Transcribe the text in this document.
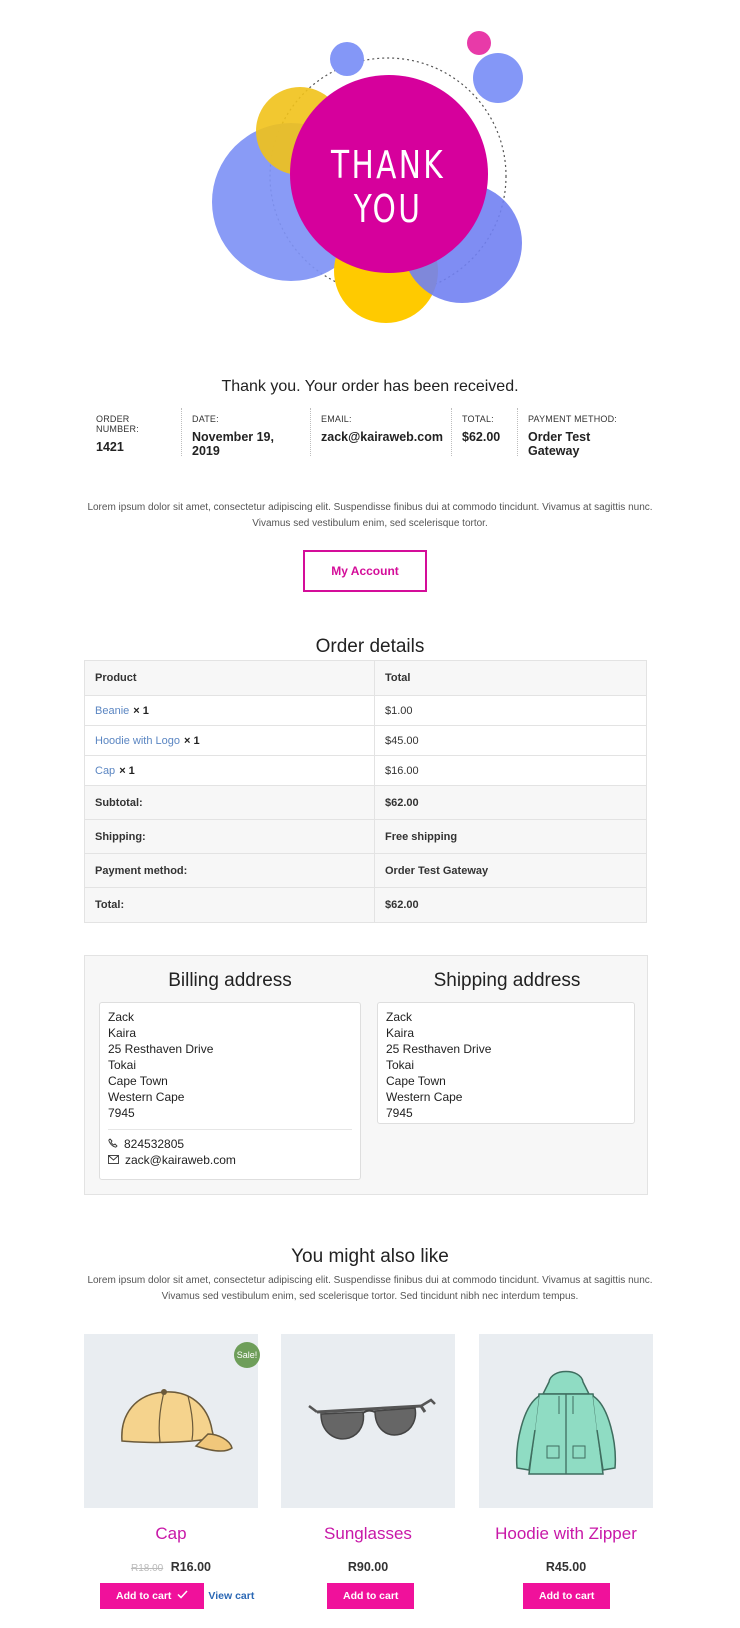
THANK YOU
Thank you. Your order has been received.
ORDER NUMBER:
1421
DATE:
November 19, 2019
EMAIL:
zack@kairaweb.com
TOTAL:
$62.00
PAYMENT METHOD:
Order Test Gateway
Lorem ipsum dolor sit amet, consectetur adipiscing elit. Suspendisse finibus dui at commodo tincidunt. Vivamus at sagittis nunc. Vivamus sed vestibulum enim, sed scelerisque tortor.
My Account
Order details
Product	Total
Beanie × 1	$1.00
Hoodie with Logo × 1	$45.00
Cap × 1	$16.00
Subtotal:	$62.00
Shipping:	Free shipping
Payment method:	Order Test Gateway
Total:	$62.00
Billing address	Shipping address
Zack
Kaira
25 Resthaven Drive
Tokai
Cape Town
Western Cape
7945
824532805
zack@kairaweb.com
Zack
Kaira
25 Resthaven Drive
Tokai
Cape Town
Western Cape
7945
You might also like
Lorem ipsum dolor sit amet, consectetur adipiscing elit. Suspendisse finibus dui at commodo tincidunt. Vivamus at sagittis nunc. Vivamus sed vestibulum enim, sed scelerisque tortor. Sed tincidunt nibh nec interdum tempus.
Sale!
Cap
R18.00 R16.00
Add to cart	View cart
Sunglasses
R90.00
Add to cart
Hoodie with Zipper
R45.00
Add to cart
